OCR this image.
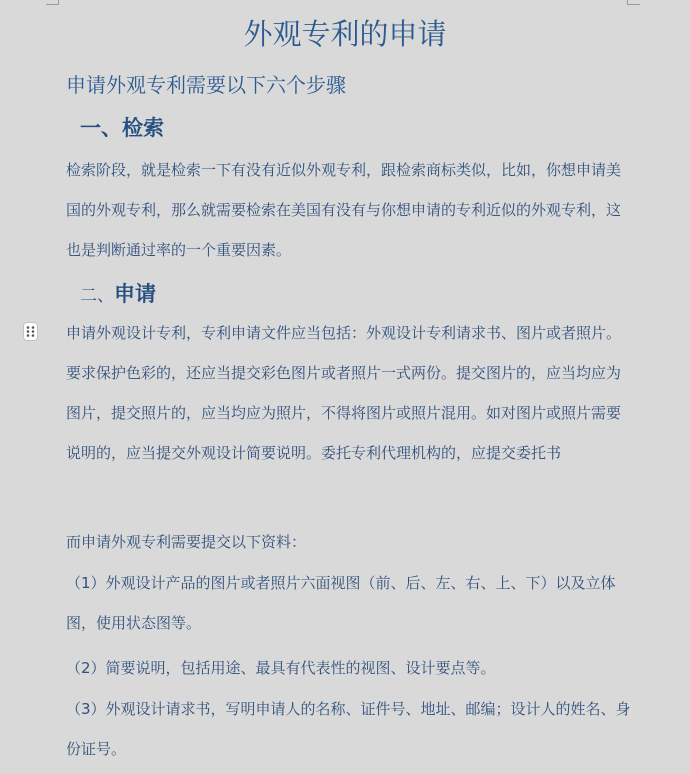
外观专利的申请
申请外观专利需要以下六个步骤
一、检索
检索阶段，就是检索一下有没有近似外观专利，跟检索商标类似，比如，你想申请美国的外观专利，那么就需要检索在美国有没有与你想申请的专利近似的外观专利，这也是判断通过率的一个重要因素。
二、申请
申请外观设计专利，专利申请文件应当包括：外观设计专利请求书、图片或者照片。要求保护色彩的，还应当提交彩色图片或者照片一式两份。提交图片的，应当均应为图片，提交照片的，应当均应为照片，不得将图片或照片混用。如对图片或照片需要说明的，应当提交外观设计简要说明。委托专利代理机构的，应提交委托书
而申请外观专利需要提交以下资料：
（1）外观设计产品的图片或者照片六面视图（前、后、左、右、上、下）以及立体图，使用状态图等。
（2）简要说明，包括用途、最具有代表性的视图、设计要点等。
（3）外观设计请求书，写明申请人的名称、证件号、地址、邮编；设计人的姓名、身份证号。
